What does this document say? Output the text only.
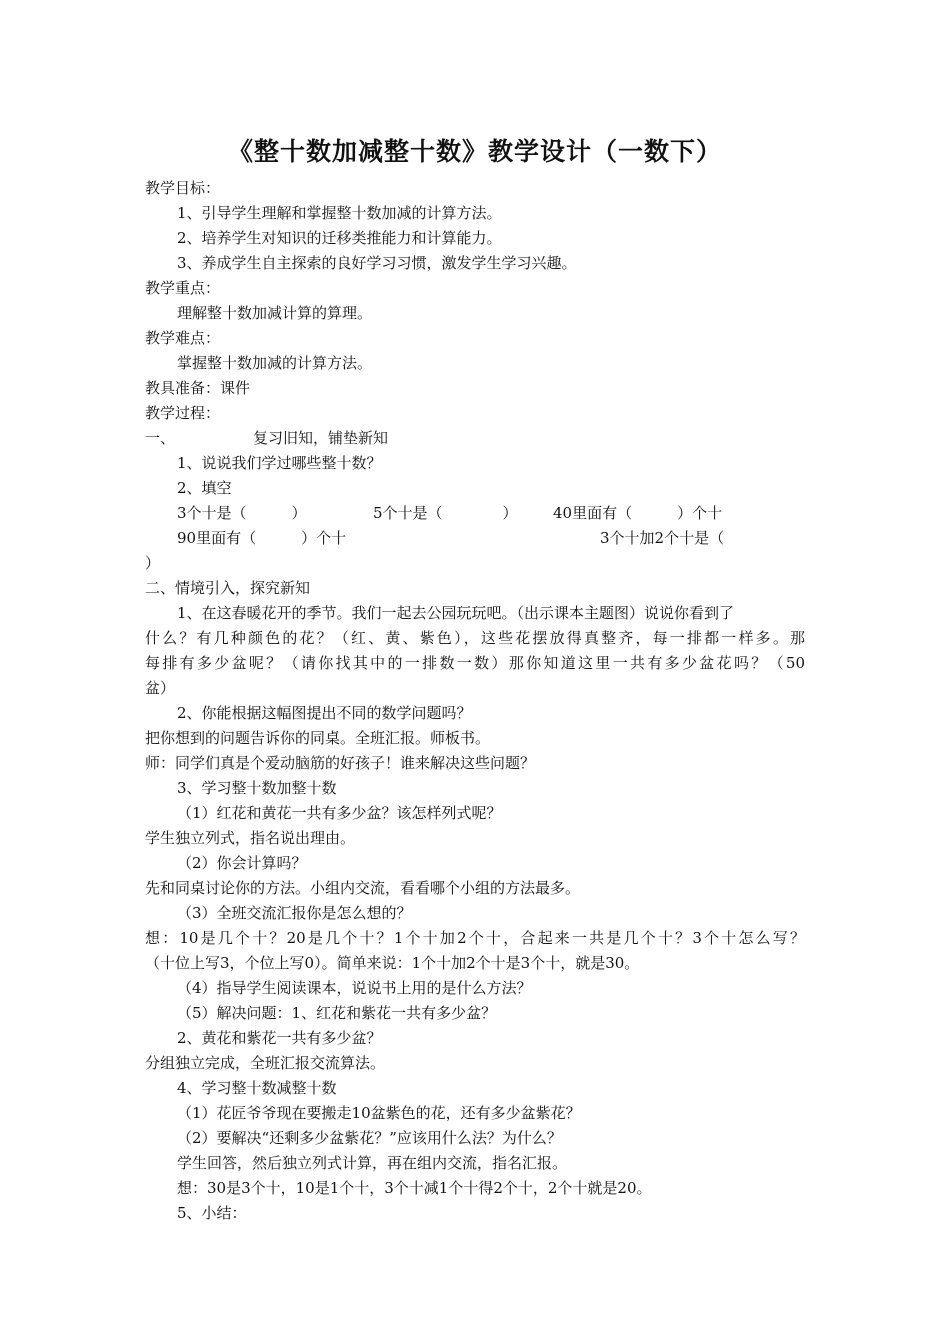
《整十数加减整十数》教学设计（一数下）
教学目标：
1、引导学生理解和掌握整十数加减的计算方法。
2、培养学生对知识的迁移类推能力和计算能力。
3、养成学生自主探索的良好学习习惯，激发学生学习兴趣。
教学重点：
理解整十数加减计算的算理。
教学难点：
掌握整十数加减的计算方法。
教具准备：课件
教学过程：
一、	复习旧知，铺垫新知
1、说说我们学过哪些整十数？
2、填空
3个十是（　　　）	5个十是（　　　　） 40里面有（　　　）个十
90里面有（　　　）个十	3个十加2个十是（
）
二、情境引入，探究新知
1、在这春暖花开的季节。我们一起去公园玩玩吧。（出示课本主题图）说说你看到了
什么？有几种颜色的花？（红、黄、紫色），这些花摆放得真整齐，每一排都一样多。那
每排有多少盆呢？（请你找其中的一排数一数）那你知道这里一共有多少盆花吗？（50
盆）
2、你能根据这幅图提出不同的数学问题吗？
把你想到的问题告诉你的同桌。全班汇报。师板书。
师：同学们真是个爱动脑筋的好孩子！谁来解决这些问题？
3、学习整十数加整十数
（1）红花和黄花一共有多少盆？该怎样列式呢？
学生独立列式，指名说出理由。
（2）你会计算吗？
先和同桌讨论你的方法。小组内交流，看看哪个小组的方法最多。
（3）全班交流汇报你是怎么想的？
想：10是几个十？20是几个十？1个十加2个十，合起来一共是几个十？3个十怎么写？
（十位上写3，个位上写0）。简单来说：1个十加2个十是3个十，就是30。
（4）指导学生阅读课本，说说书上用的是什么方法？
（5）解决问题：1、红花和紫花一共有多少盆？
2、黄花和紫花一共有多少盆？
分组独立完成，全班汇报交流算法。
4、学习整十数减整十数
（1）花匠爷爷现在要搬走10盆紫色的花，还有多少盆紫花？
（2）要解决“还剩多少盆紫花？”应该用什么法？为什么？
学生回答，然后独立列式计算，再在组内交流，指名汇报。
想：30是3个十，10是1个十，3个十减1个十得2个十，2个十就是20。
5、小结：
